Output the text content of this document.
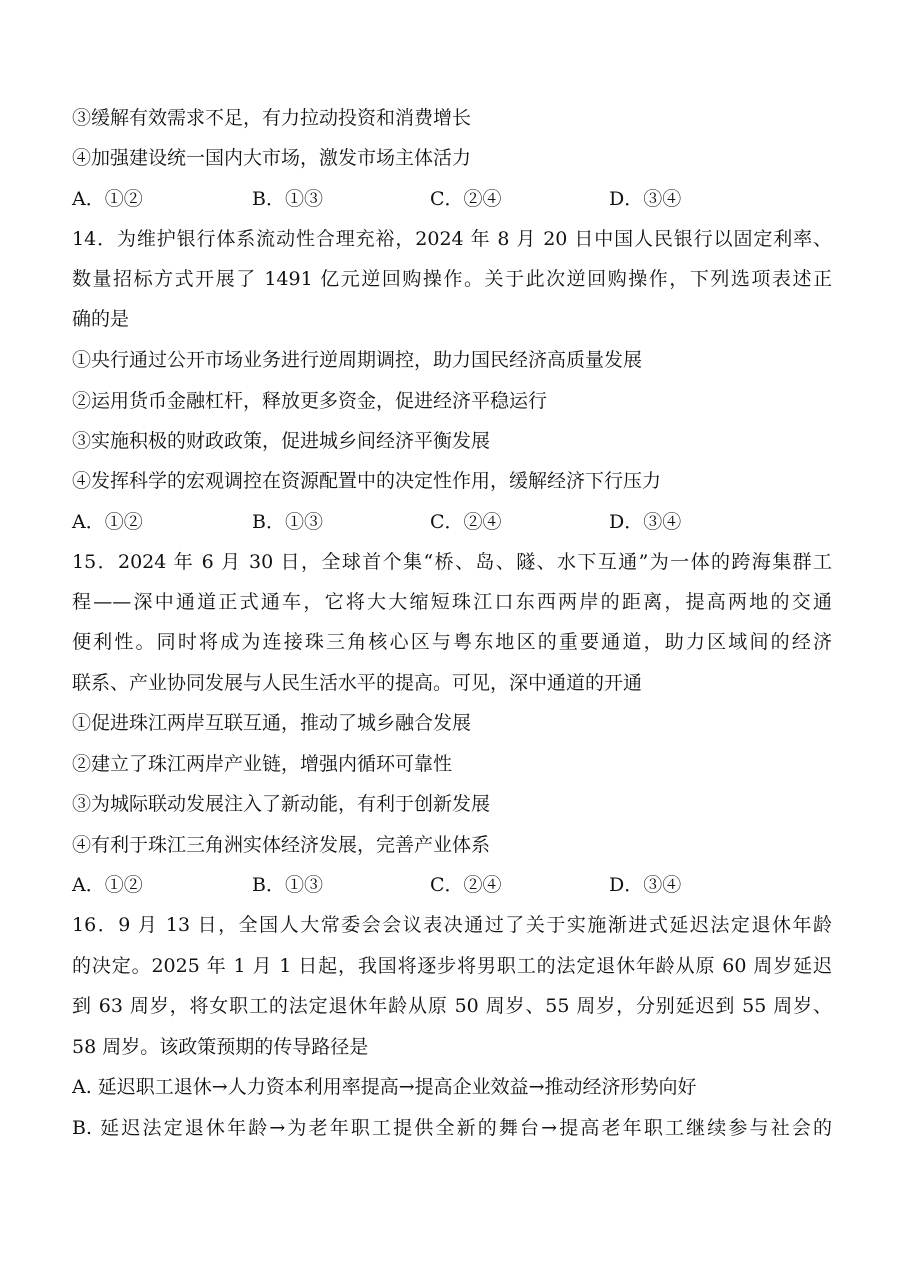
③缓解有效需求不足，有力拉动投资和消费增长
④加强建设统一国内大市场，激发市场主体活力
A．①②	B．①③	C．②④	D．③④
14．为维护银行体系流动性合理充裕，2024 年 8 月 20 日中国人民银行以固定利率、
数量招标方式开展了 1491 亿元逆回购操作。关于此次逆回购操作，下列选项表述正
确的是
①央行通过公开市场业务进行逆周期调控，助力国民经济高质量发展
②运用货币金融杠杆，释放更多资金，促进经济平稳运行
③实施积极的财政政策，促进城乡间经济平衡发展
④发挥科学的宏观调控在资源配置中的决定性作用，缓解经济下行压力
A．①②	B．①③	C．②④	D．③④
15．2024 年 6 月 30 日，全球首个集“桥、岛、隧、水下互通”为一体的跨海集群工
程——深中通道正式通车，它将大大缩短珠江口东西两岸的距离，提高两地的交通
便利性。同时将成为连接珠三角核心区与粤东地区的重要通道，助力区域间的经济
联系、产业协同发展与人民生活水平的提高。可见，深中通道的开通
①促进珠江两岸互联互通，推动了城乡融合发展
②建立了珠江两岸产业链，增强内循环可靠性
③为城际联动发展注入了新动能，有利于创新发展
④有利于珠江三角洲实体经济发展，完善产业体系
A．①②	B．①③	C．②④	D．③④
16．9 月 13 日，全国人大常委会会议表决通过了关于实施渐进式延迟法定退休年龄
的决定。2025 年 1 月 1 日起，我国将逐步将男职工的法定退休年龄从原 60 周岁延迟
到 63 周岁，将女职工的法定退休年龄从原 50 周岁、55 周岁，分别延迟到 55 周岁、
58 周岁。该政策预期的传导路径是
A. 延迟职工退休→人力资本利用率提高→提高企业效益→推动经济形势向好
B. 延迟法定退休年龄→为老年职工提供全新的舞台→提高老年职工继续参与社会的
